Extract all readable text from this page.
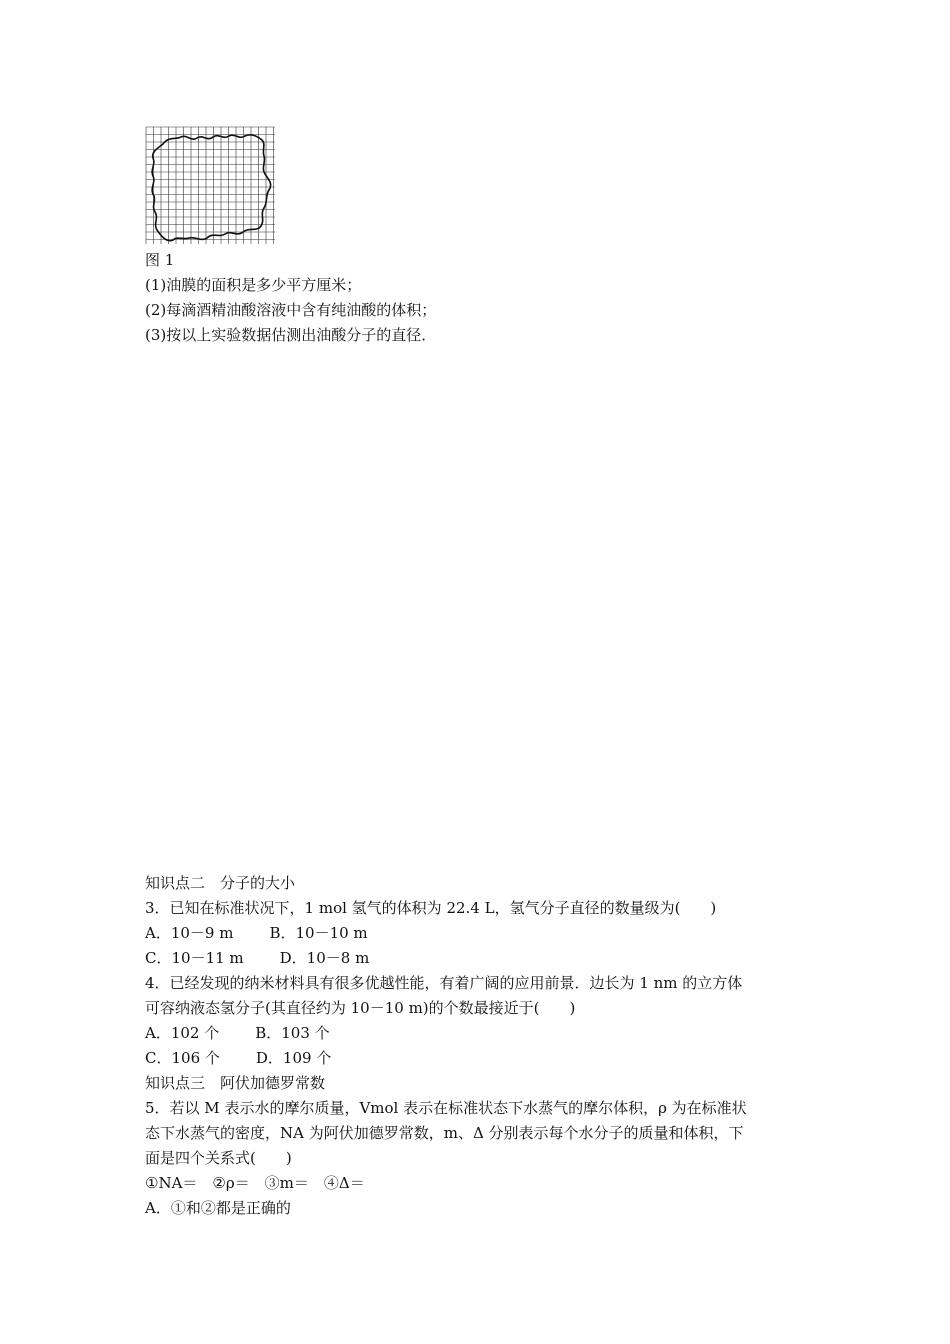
图 1
(1)油膜的面积是多少平方厘米；
(2)每滴酒精油酸溶液中含有纯油酸的体积；
(3)按以上实验数据估测出油酸分子的直径．
知识点二　分子的大小
3．已知在标准状况下，1 mol 氢气的体积为 22.4 L，氢气分子直径的数量级为(　　)
A．10－9 m B．10－10 m
C．10－11 m D．10－8 m
4．已经发现的纳米材料具有很多优越性能，有着广阔的应用前景．边长为 1 nm 的立方体
可容纳液态氢分子(其直径约为 10－10 m)的个数最接近于(　　)
A．102 个 B．103 个
C．106 个 D．109 个
知识点三　阿伏加德罗常数
5．若以 M 表示水的摩尔质量，Vmol 表示在标准状态下水蒸气的摩尔体积，ρ 为在标准状
态下水蒸气的密度，NA 为阿伏加德罗常数，m、Δ 分别表示每个水分子的质量和体积，下
面是四个关系式(　　)
①NA＝　②ρ＝　③m＝　④Δ＝
A．①和②都是正确的
